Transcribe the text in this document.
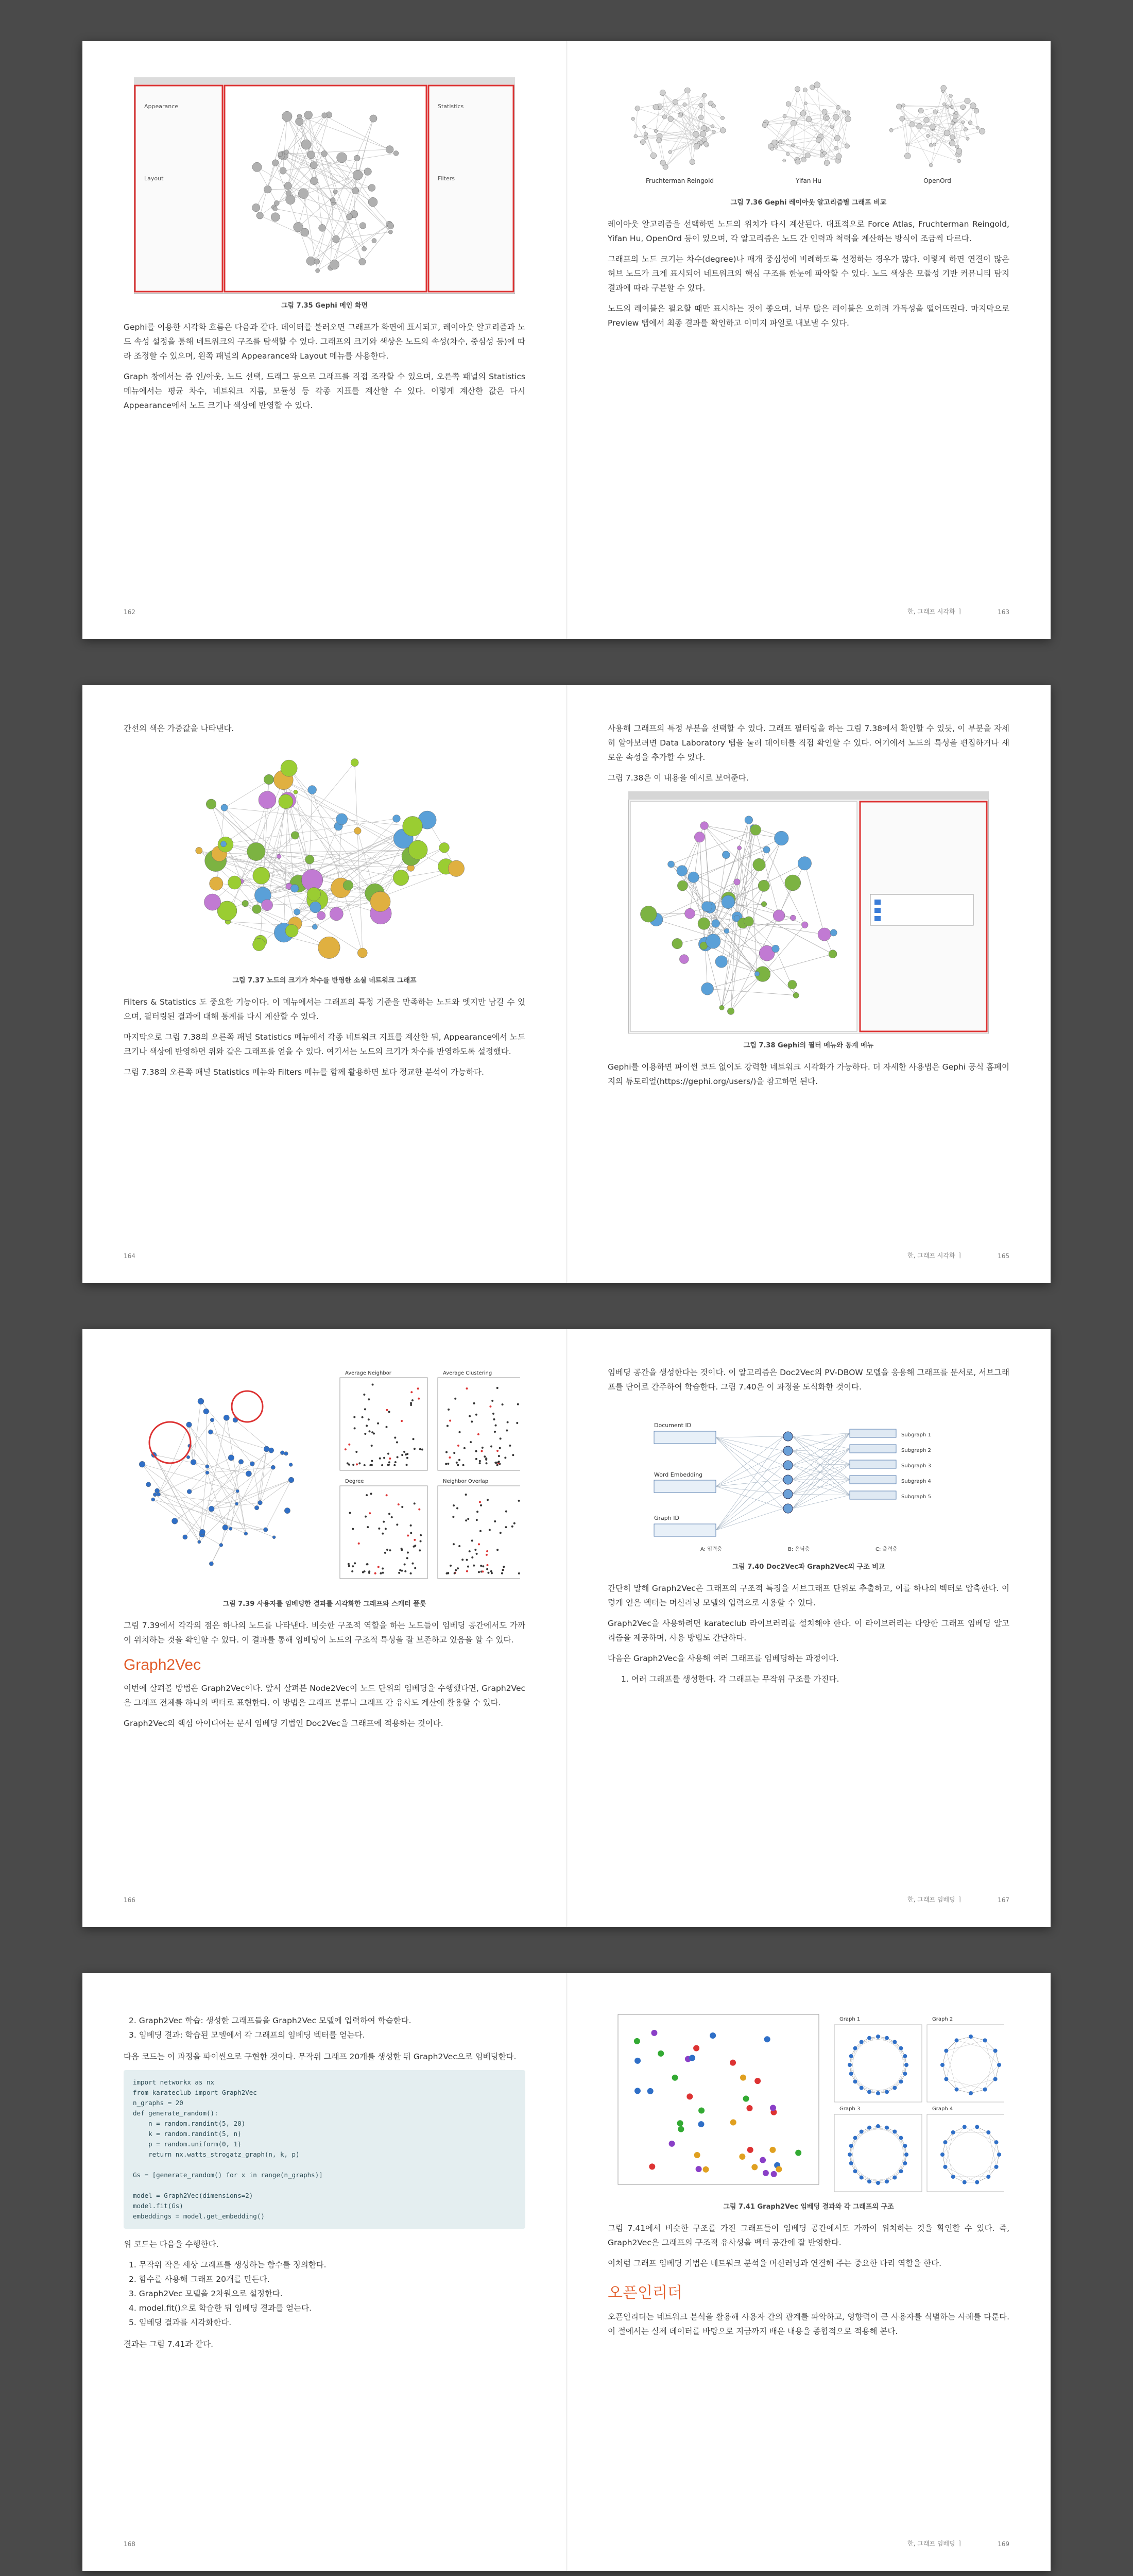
Appearance
Layout
Statistics
Filters
그림 7.35 Gephi 메인 화면

Gephi를 이용한 시각화 흐름은 다음과 같다. 데이터를 불러오면 그래프가 화면에 표시되고, 레이아웃 알고리즘과 노드 속성 설정을 통해 네트워크의 구조를 탐색할 수 있다. 그래프의 크기와 색상은 노드의 속성(차수, 중심성 등)에 따라 조정할 수 있으며, 왼쪽 패널의 Appearance와 Layout 메뉴를 사용한다.

Graph 창에서는 줌 인/아웃, 노드 선택, 드래그 등으로 그래프를 직접 조작할 수 있으며, 오른쪽 패널의 Statistics 메뉴에서는 평균 차수, 네트워크 지름, 모듈성 등 각종 지표를 계산할 수 있다. 이렇게 계산한 값은 다시 Appearance에서 노드 크기나 색상에 반영할 수 있다.

162
Fruchterman Reingold	Yifan Hu	OpenOrd
그림 7.36 Gephi 레이아웃 알고리즘별 그래프 비교

레이아웃 알고리즘을 선택하면 노드의 위치가 다시 계산된다. 대표적으로 Force Atlas, Fruchterman Reingold, Yifan Hu, OpenOrd 등이 있으며, 각 알고리즘은 노드 간 인력과 척력을 계산하는 방식이 조금씩 다르다.

그래프의 노드 크기는 차수(degree)나 매개 중심성에 비례하도록 설정하는 경우가 많다. 이렇게 하면 연결이 많은 허브 노드가 크게 표시되어 네트워크의 핵심 구조를 한눈에 파악할 수 있다. 노드 색상은 모듈성 기반 커뮤니티 탐지 결과에 따라 구분할 수 있다.

노드의 레이블은 필요할 때만 표시하는 것이 좋으며, 너무 많은 레이블은 오히려 가독성을 떨어뜨린다. 마지막으로 Preview 탭에서 최종 결과를 확인하고 이미지 파일로 내보낼 수 있다.

한, 그래프 시각화 ㅣ	163

간선의 색은 가중값을 나타낸다.

그림 7.37 노드의 크기가 차수를 반영한 소셜 네트워크 그래프

Filters & Statistics 도 중요한 기능이다. 이 메뉴에서는 그래프의 특정 기준을 만족하는 노드와 엣지만 남길 수 있으며, 필터링된 결과에 대해 통계를 다시 계산할 수 있다.

마지막으로 그림 7.38의 오른쪽 패널 Statistics 메뉴에서 각종 네트워크 지표를 계산한 뒤, Appearance에서 노드 크기나 색상에 반영하면 위와 같은 그래프를 얻을 수 있다. 여기서는 노드의 크기가 차수를 반영하도록 설정했다.

그림 7.38의 오른쪽 패널 Statistics 메뉴와 Filters 메뉴를 함께 활용하면 보다 정교한 분석이 가능하다.

164

사용해 그래프의 특정 부분을 선택할 수 있다. 그래프 필터링을 하는 그림 7.38에서 확인할 수 있듯, 이 부분을 자세히 알아보려면 Data Laboratory 탭을 눌러 데이터를 직접 확인할 수 있다. 여기에서 노드의 특성을 편집하거나 새로운 속성을 추가할 수 있다.

그림 7.38은 이 내용을 예시로 보여준다.

그림 7.38 Gephi의 필터 메뉴와 통계 메뉴

Gephi를 이용하면 파이썬 코드 없이도 강력한 네트워크 시각화가 가능하다. 더 자세한 사용법은 Gephi 공식 홈페이지의 튜토리얼(https://gephi.org/users/)을 참고하면 된다.

한, 그래프 시각화 ㅣ	165
Average Neighbor	Average Clustering
Degree	Neighbor Overlap
그림 7.39 사용자를 임베딩한 결과를 시각화한 그래프와 스캐터 플롯

그림 7.39에서 각각의 점은 하나의 노드를 나타낸다. 비슷한 구조적 역할을 하는 노드들이 임베딩 공간에서도 가까이 위치하는 것을 확인할 수 있다. 이 결과를 통해 임베딩이 노드의 구조적 특성을 잘 보존하고 있음을 알 수 있다.

Graph2Vec

이번에 살펴볼 방법은 Graph2Vec이다. 앞서 살펴본 Node2Vec이 노드 단위의 임베딩을 수행했다면, Graph2Vec은 그래프 전체를 하나의 벡터로 표현한다. 이 방법은 그래프 분류나 그래프 간 유사도 계산에 활용할 수 있다.

Graph2Vec의 핵심 아이디어는 문서 임베딩 기법인 Doc2Vec을 그래프에 적용하는 것이다.

166

임베딩 공간을 생성한다는 것이다. 이 알고리즘은 Doc2Vec의 PV-DBOW 모델을 응용해 그래프를 문서로, 서브그래프를 단어로 간주하여 학습한다. 그림 7.40은 이 과정을 도식화한 것이다.

Document ID
Word Embedding
Graph ID
Subgraph 1
Subgraph 2
Subgraph 3
Subgraph 4
Subgraph 5
A: 입력층	B: 은닉층	C: 출력층
그림 7.40 Doc2Vec과 Graph2Vec의 구조 비교

간단히 말해 Graph2Vec은 그래프의 구조적 특징을 서브그래프 단위로 추출하고, 이를 하나의 벡터로 압축한다. 이렇게 얻은 벡터는 머신러닝 모델의 입력으로 사용할 수 있다.

Graph2Vec을 사용하려면 karateclub 라이브러리를 설치해야 한다. 이 라이브러리는 다양한 그래프 임베딩 알고리즘을 제공하며, 사용 방법도 간단하다.

다음은 Graph2Vec을 사용해 여러 그래프를 임베딩하는 과정이다.

1. 여러 그래프를 생성한다. 각 그래프는 무작위 구조를 가진다.
한, 그래프 임베딩 ㅣ	167
2. Graph2Vec 학습: 생성한 그래프들을 Graph2Vec 모델에 입력하여 학습한다.
3. 임베딩 결과: 학습된 모델에서 각 그래프의 임베딩 벡터를 얻는다.

다음 코드는 이 과정을 파이썬으로 구현한 것이다. 무작위 그래프 20개를 생성한 뒤 Graph2Vec으로 임베딩한다.

import networkx as nx
from karateclub import Graph2Vec
n_graphs = 20
def generate_random():
n = random.randint(5, 20)
k = random.randint(5, n)
p = random.uniform(0, 1)
return nx.watts_strogatz_graph(n, k, p)

Gs = [generate_random() for x in range(n_graphs)]

model = Graph2Vec(dimensions=2)
model.fit(Gs)
embeddings = model.get_embedding()

위 코드는 다음을 수행한다.

1. 무작위 작은 세상 그래프를 생성하는 함수를 정의한다.
2. 함수를 사용해 그래프 20개를 만든다.
3. Graph2Vec 모델을 2차원으로 설정한다.
4. model.fit()으로 학습한 뒤 임베딩 결과를 얻는다.
5. 임베딩 결과를 시각화한다.

결과는 그림 7.41과 같다.

168
Graph 1	Graph 2
Graph 3	Graph 4
그림 7.41 Graph2Vec 임베딩 결과와 각 그래프의 구조

그림 7.41에서 비슷한 구조를 가진 그래프들이 임베딩 공간에서도 가까이 위치하는 것을 확인할 수 있다. 즉, Graph2Vec은 그래프의 구조적 유사성을 벡터 공간에 잘 반영한다.

이처럼 그래프 임베딩 기법은 네트워크 분석을 머신러닝과 연결해 주는 중요한 다리 역할을 한다.

오픈인리더

오픈인리더는 네트워크 분석을 활용해 사용자 간의 관계를 파악하고, 영향력이 큰 사용자를 식별하는 사례를 다룬다. 이 절에서는 실제 데이터를 바탕으로 지금까지 배운 내용을 종합적으로 적용해 본다.

한, 그래프 임베딩 ㅣ	169
